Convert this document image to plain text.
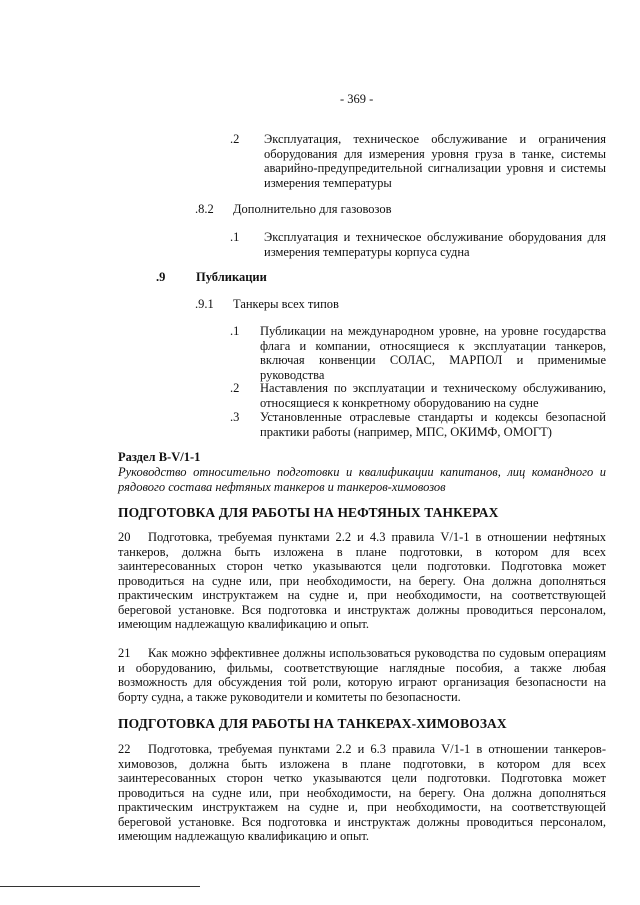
- 369 -
.2 Эксплуатация, техническое обслуживание и ограничения оборудования для измерения уровня груза в танке, системы аварийно-предупредительной сигнализации уровня и системы измерения температуры
.8.2 Дополнительно для газовозов
.1 Эксплуатация и техническое обслуживание оборудования для измерения температуры корпуса судна
.9 Публикации
.9.1 Танкеры всех типов
.1 Публикации на международном уровне, на уровне государства флага и компании, относящиеся к эксплуатации танкеров, включая конвенции СОЛАС, МАРПОЛ и применимые руководства
.2 Наставления по эксплуатации и техническому обслуживанию, относящиеся к конкретному оборудованию на судне
.3 Установленные отраслевые стандарты и кодексы безопасной практики работы (например, МПС, ОКИМФ, ОМОГТ)
Раздел B-V/1-1
Руководство относительно подготовки и квалификации капитанов, лиц командного и рядового состава нефтяных танкеров и танкеров-химовозов
ПОДГОТОВКА ДЛЯ РАБОТЫ НА НЕФТЯНЫХ ТАНКЕРАХ
20 Подготовка, требуемая пунктами 2.2 и 4.3 правила V/1-1 в отношении нефтяных танкеров, должна быть изложена в плане подготовки, в котором для всех заинтересованных сторон четко указываются цели подготовки. Подготовка может проводиться на судне или, при необходимости, на берегу. Она должна дополняться практическим инструктажем на судне и, при необходимости, на соответствующей береговой установке. Вся подготовка и инструктаж должны проводиться персоналом, имеющим надлежащую квалификацию и опыт.
21 Как можно эффективнее должны использоваться руководства по судовым операциям и оборудованию, фильмы, соответствующие наглядные пособия, а также любая возможность для обсуждения той роли, которую играют организация безопасности на борту судна, а также руководители и комитеты по безопасности.
ПОДГОТОВКА ДЛЯ РАБОТЫ НА ТАНКЕРАХ-ХИМОВОЗАХ
22 Подготовка, требуемая пунктами 2.2 и 6.3 правила V/1-1 в отношении танкеров-химовозов, должна быть изложена в плане подготовки, в котором для всех заинтересованных сторон четко указываются цели подготовки. Подготовка может проводиться на судне или, при необходимости, на берегу. Она должна дополняться практическим инструктажем на судне и, при необходимости, на соответствующей береговой установке. Вся подготовка и инструктаж должны проводиться персоналом, имеющим надлежащую квалификацию и опыт.
